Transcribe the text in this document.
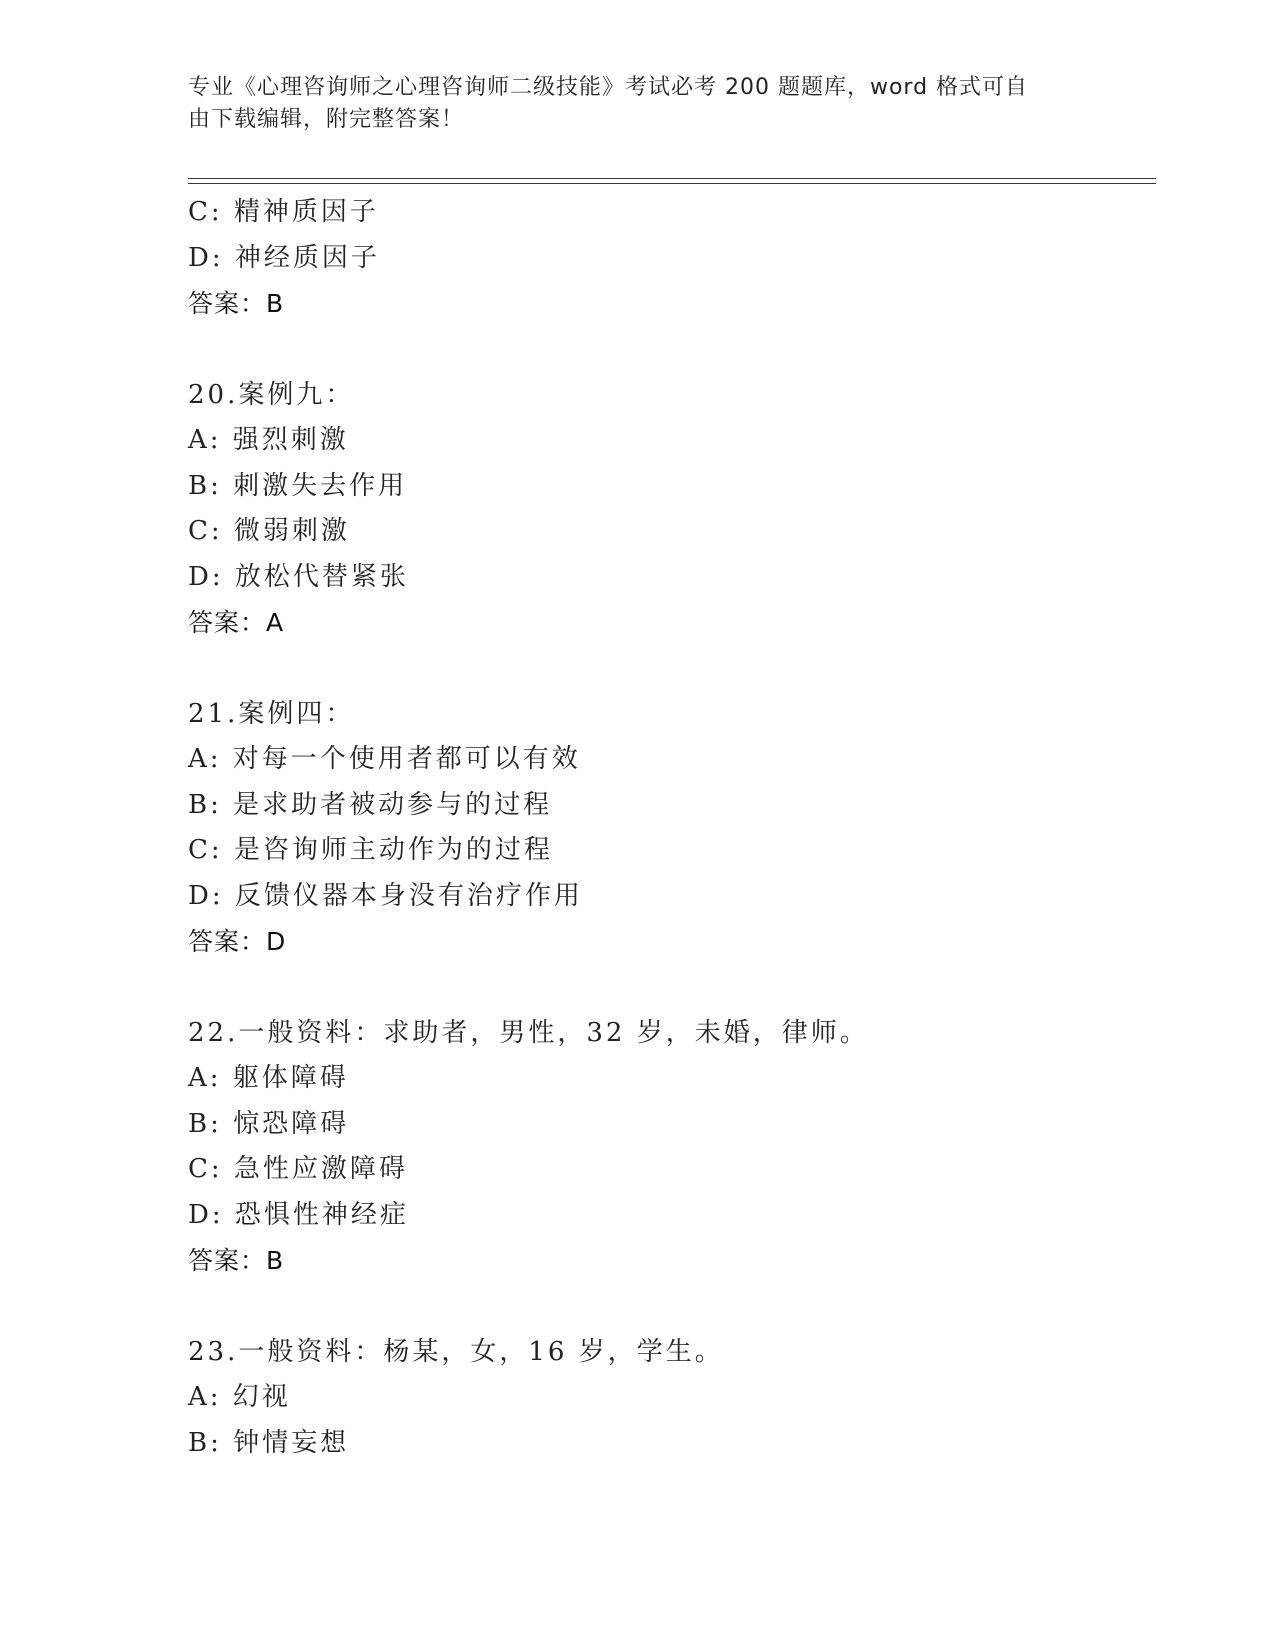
专业《心理咨询师之心理咨询师二级技能》考试必考 200 题题库，word 格式可自
由下载编辑，附完整答案！
C: 精神质因子
D: 神经质因子
答案：B
20.案例九：
A: 强烈刺激
B: 刺激失去作用
C: 微弱刺激
D: 放松代替紧张
答案：A
21.案例四：
A: 对每一个使用者都可以有效
B: 是求助者被动参与的过程
C: 是咨询师主动作为的过程
D: 反馈仪器本身没有治疗作用
答案：D
22.一般资料：求助者，男性，32 岁，未婚，律师。
A: 躯体障碍
B: 惊恐障碍
C: 急性应激障碍
D: 恐惧性神经症
答案：B
23.一般资料：杨某，女，16 岁，学生。
A: 幻视
B: 钟情妄想
